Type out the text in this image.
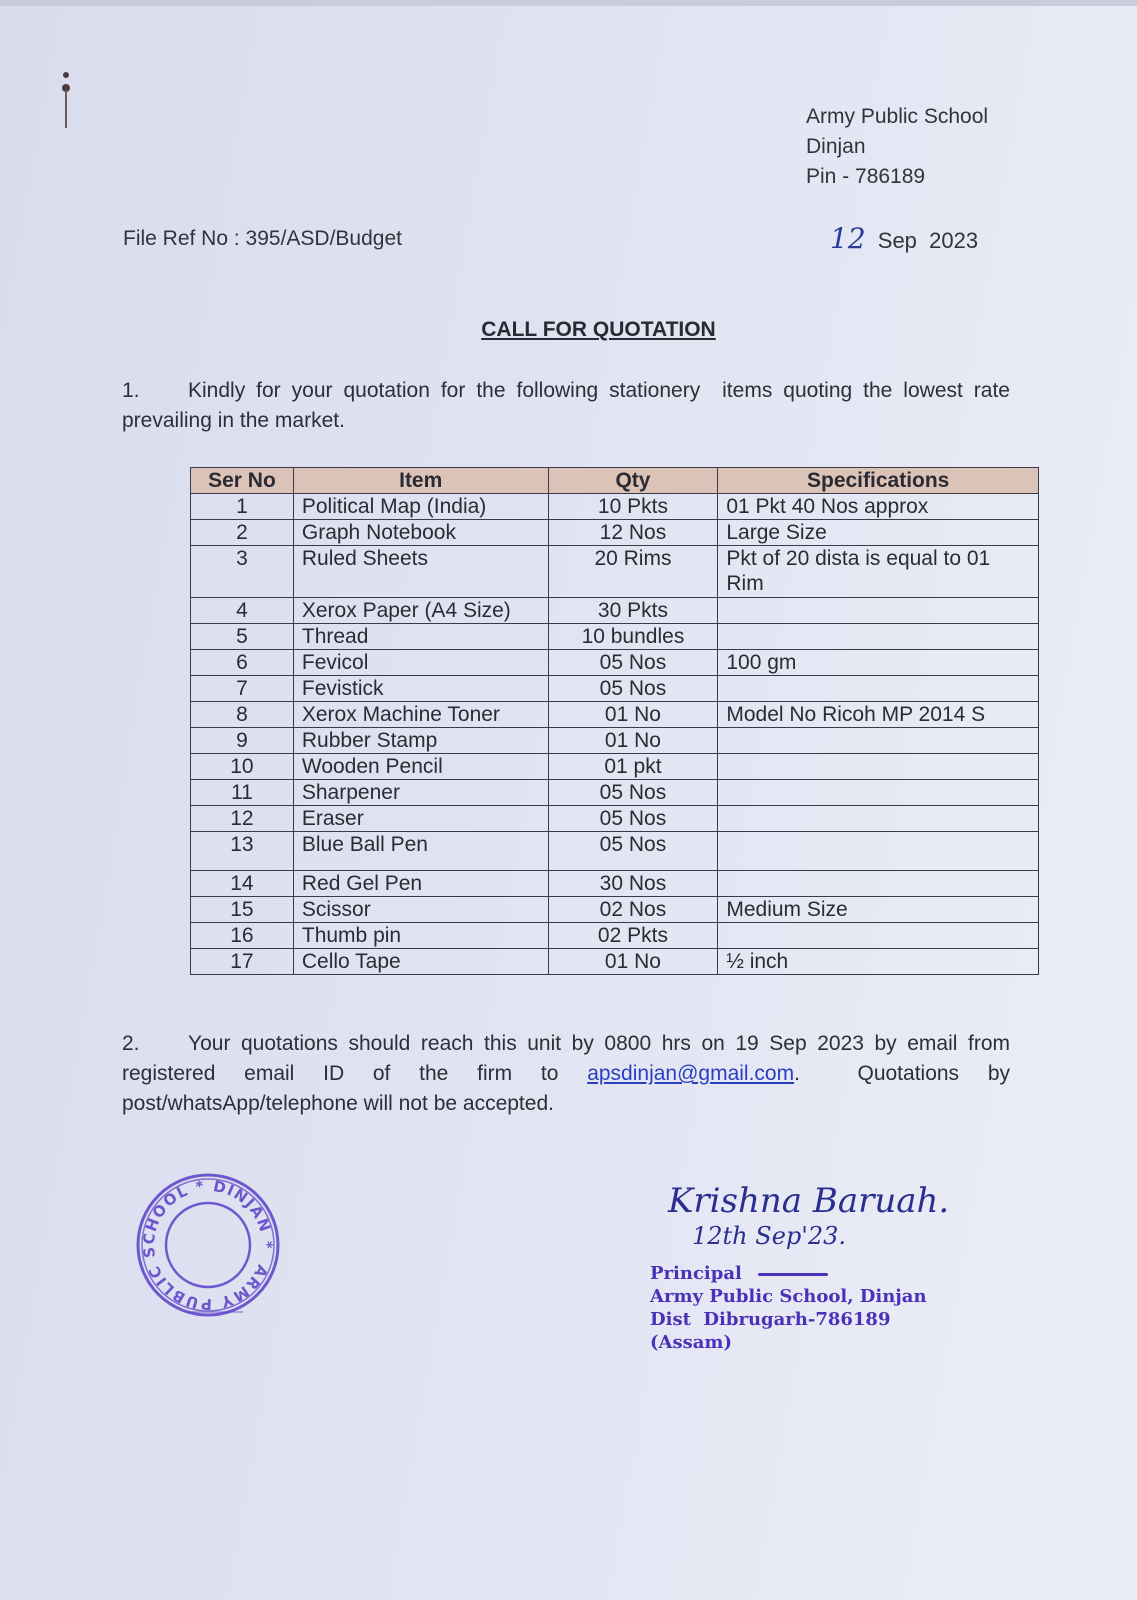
Army Public School
Dinjan
Pin - 786189
File Ref No : 395/ASD/Budget	12 Sep  2023
CALL FOR QUOTATION
1. Kindly for your quotation for the following stationery  items quoting the lowest rate prevailing in the market.
Ser No	Item	Qty	Specifications
1	Political Map (India)	10 Pkts	01 Pkt 40 Nos approx
2	Graph Notebook	12 Nos	Large Size
3	Ruled Sheets	20 Rims	Pkt of 20 dista is equal to 01 Rim
4	Xerox Paper (A4 Size)	30 Pkts	
5	Thread	10 bundles	
6	Fevicol	05 Nos	100 gm
7	Fevistick	05 Nos	
8	Xerox Machine Toner	01 No	Model No Ricoh MP 2014 S
9	Rubber Stamp	01 No	
10	Wooden Pencil	01 pkt	
11	Sharpener	05 Nos	
12	Eraser	05 Nos	
13	Blue Ball Pen	05 Nos	
14	Red Gel Pen	30 Nos	
15	Scissor	02 Nos	Medium Size
16	Thumb pin	02 Pkts	
17	Cello Tape	01 No	½ inch
2. Your quotations should reach this unit by 0800 hrs on 19 Sep 2023 by email from registered email ID of the firm to apsdinjan@gmail.com.  Quotations by post/whatsApp/telephone will not be accepted.
ARMY PUBLIC SCHOOL * DINJAN *
Krishna Baruah.
12th Sep'23.
Principal
Army Public School, Dinjan
Dist  Dibrugarh-786189
(Assam)
